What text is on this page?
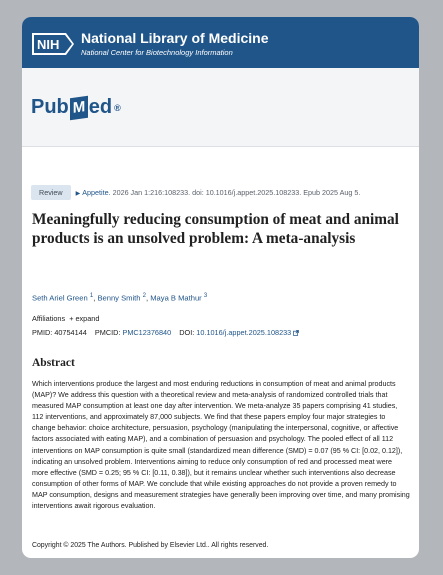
NIH National Library of Medicine
National Center for Biotechnology Information
Pub M ed ®
Review ▶ Appetite. 2026 Jan 1:216:108233. doi: 10.1016/j.appet.2025.108233. Epub 2025 Aug 5.
Meaningfully reducing consumption of meat and animal products is an unsolved problem: A meta-analysis
Seth Ariel Green $^1$, Benny Smith $^2$, Maya B Mathur $^3$
Affiliations + expand
PMID: 40754144 PMCID: PMC12376840 DOI: 10.1016/j.appet.2025.108233
Abstract

Which interventions produce the largest and most enduring reductions in consumption of meat and animal products (MAP)? We address this question with a theoretical review and meta-analysis of randomized controlled trials that measured MAP consumption at least one day after intervention. We meta-analyze 35 papers comprising 41 studies, 112 interventions, and approximately 87,000 subjects. We find that these papers employ four major strategies to change behavior: choice architecture, persuasion, psychology (manipulating the interpersonal, cognitive, or affective factors associated with eating MAP), and a combination of persuasion and psychology. The pooled effect of all 112 interventions on MAP consumption is quite small (standardized mean difference (SMD) = 0.07 (95 % CI: [0.02, 0.12]), indicating an unsolved problem. Interventions aiming to reduce only consumption of red and processed meat were more effective (SMD = 0.25; 95 % CI: [0.11, 0.38]), but it remains unclear whether such interventions also decrease consumption of other forms of MAP. We conclude that while existing approaches do not provide a proven remedy to MAP consumption, designs and measurement strategies have generally been improving over time, and many promising interventions await rigorous evaluation.

Copyright © 2025 The Authors. Published by Elsevier Ltd.. All rights reserved.
